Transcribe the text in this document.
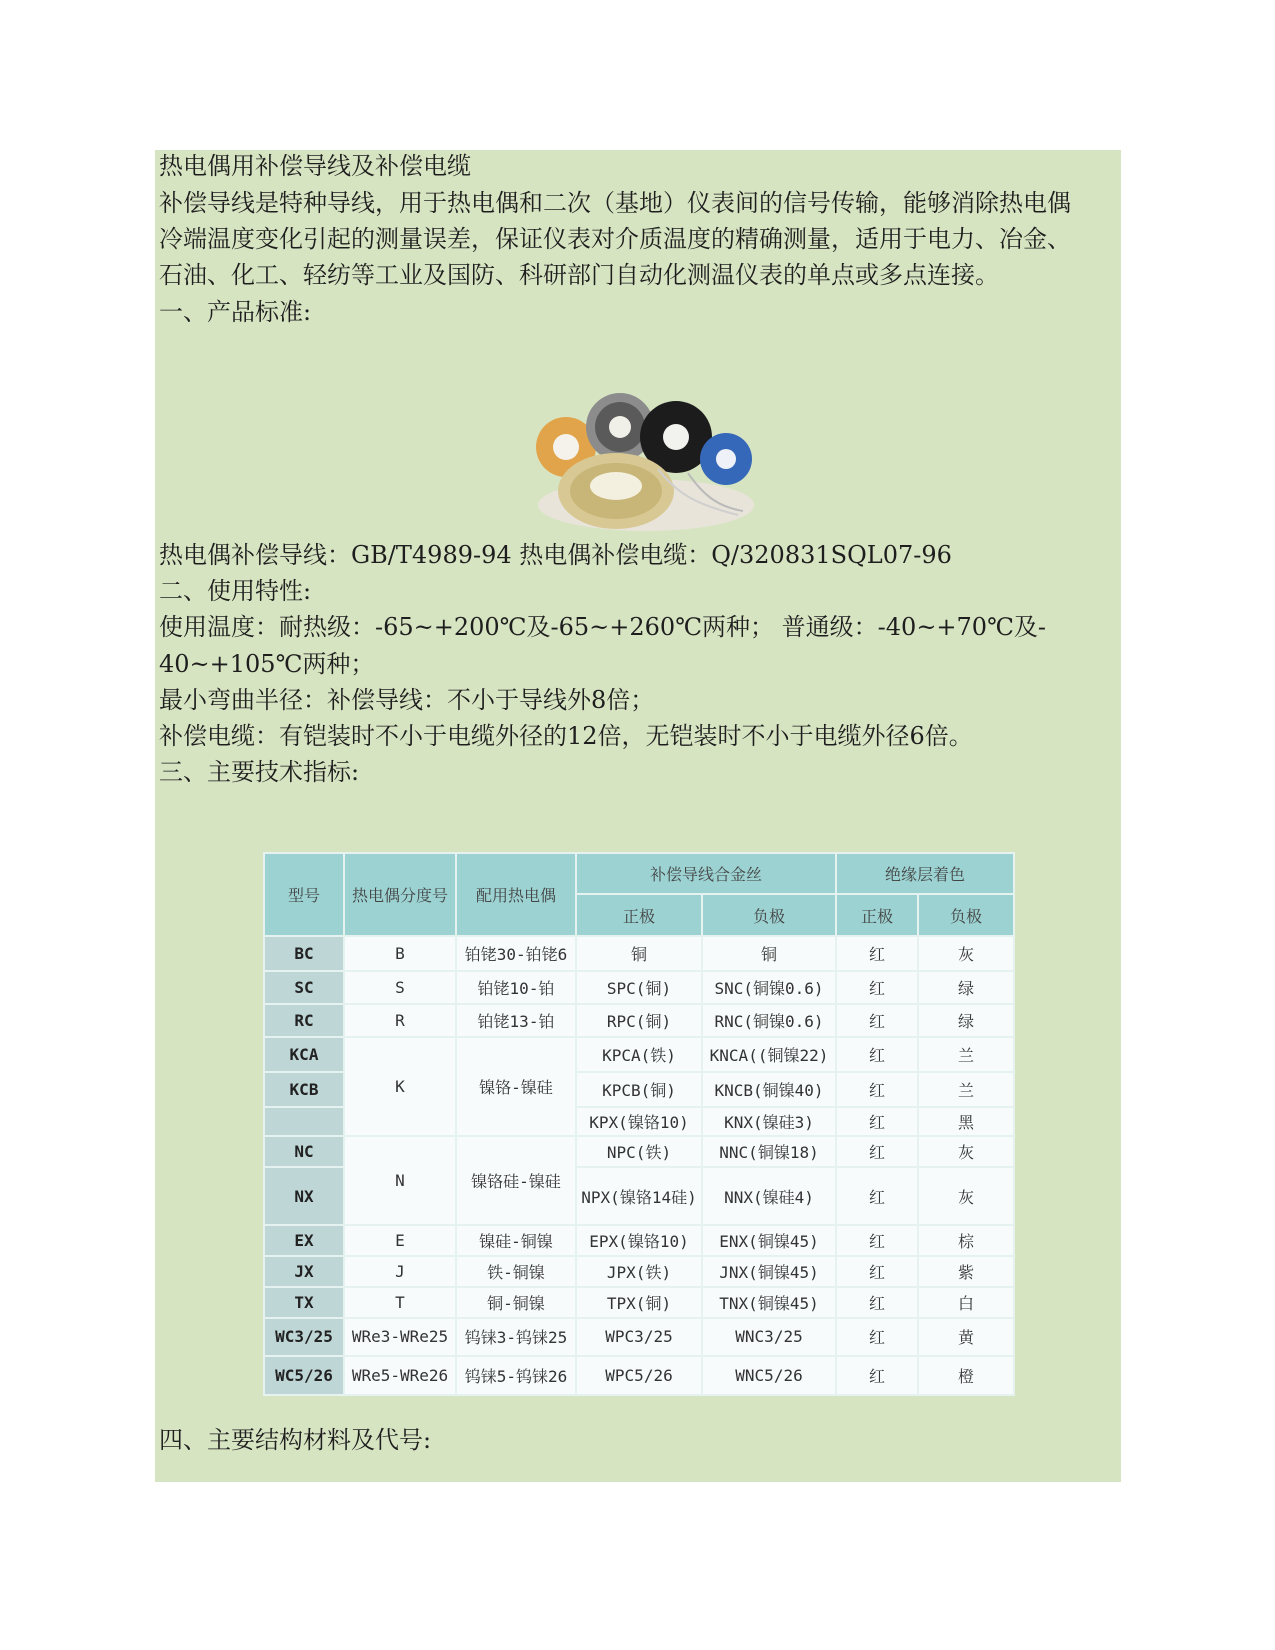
热电偶用补偿导线及补偿电缆
补偿导线是特种导线，用于热电偶和二次（基地）仪表间的信号传输，能够消除热电偶
冷端温度变化引起的测量误差，保证仪表对介质温度的精确测量，适用于电力、冶金、
石油、化工、轻纺等工业及国防、科研部门自动化测温仪表的单点或多点连接。
一、产品标准:
热电偶补偿导线：GB/T4989-94 热电偶补偿电缆：Q/320831SQL07-96
二、使用特性:
使用温度：耐热级：-65~+200℃及-65~+260℃两种； 普通级：-40~+70℃及-
40~+105℃两种；
最小弯曲半径：补偿导线：不小于导线外8倍；
补偿电缆：有铠装时不小于电缆外径的12倍，无铠装时不小于电缆外径6倍。
三、主要技术指标:
型号	热电偶分度号	配用热电偶	补偿导线合金丝		绝缘层着色	
			正极	负极	正极	负极
BC	B	铂铑30-铂铑6	铜	铜	红	灰
SC	S	铂铑10-铂	SPC(铜)	SNC(铜镍0.6)	红	绿
RC	R	铂铑13-铂	RPC(铜)	RNC(铜镍0.6)	红	绿
KCA	K	镍铬-镍硅	KPCA(铁)	KNCA((铜镍22)	红	兰
KCB			KPCB(铜)	KNCB(铜镍40)	红	兰
			KPX(镍铬10)	KNX(镍硅3)	红	黑
NC	N	镍铬硅-镍硅	NPC(铁)	NNC(铜镍18)	红	灰
NX			NPX(镍铬14硅)	NNX(镍硅4)	红	灰
EX	E	镍硅-铜镍	EPX(镍铬10)	ENX(铜镍45)	红	棕
JX	J	铁-铜镍	JPX(铁)	JNX(铜镍45)	红	紫
TX	T	铜-铜镍	TPX(铜)	TNX(铜镍45)	红	白
WC3/25	WRe3-WRe25	钨铼3-钨铼25	WPC3/25	WNC3/25	红	黄
WC5/26	WRe5-WRe26	钨铼5-钨铼26	WPC5/26	WNC5/26	红	橙
四、主要结构材料及代号:
